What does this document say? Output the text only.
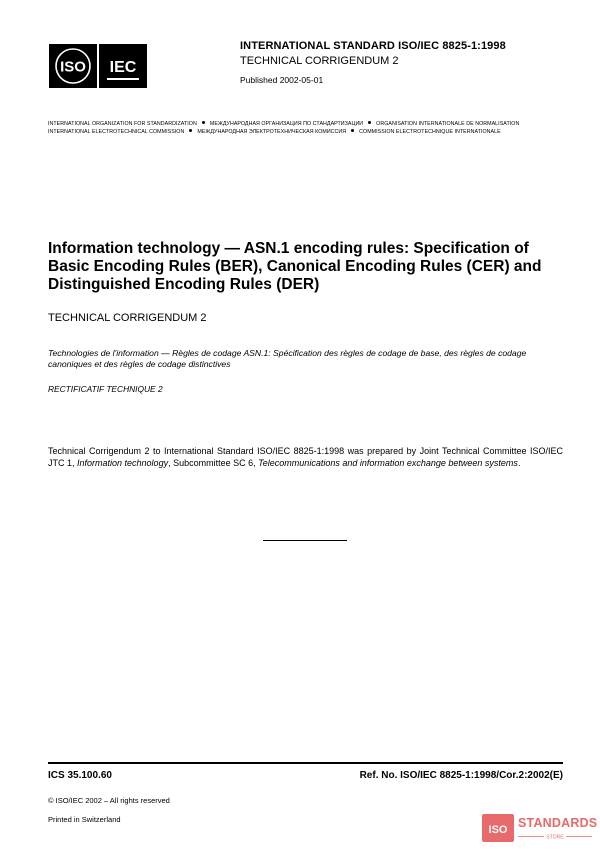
ISO IEC
INTERNATIONAL STANDARD ISO/IEC 8825-1:1998
TECHNICAL CORRIGENDUM 2
Published 2002-05-01
INTERNATIONAL ORGANIZATION FOR STANDARDIZATION МЕЖДУНАРОДНАЯ ОРГАНИЗАЦИЯ ПО СТАНДАРТИЗАЦИИ ORGANISATION INTERNATIONALE DE NORMALISATION
INTERNATIONAL ELECTROTECHNICAL COMMISSION МЕЖДУНАРОДНАЯ ЭЛЕКТРОТЕХНИЧЕСКАЯ КОМИССИЯ COMMISSION ELECTROTECHNIQUE INTERNATIONALE
Information technology — ASN.1 encoding rules: Specification of Basic Encoding Rules (BER), Canonical Encoding Rules (CER) and Distinguished Encoding Rules (DER)
TECHNICAL CORRIGENDUM 2
Technologies de l'information — Règles de codage ASN.1: Spécification des règles de codage de base, des règles de codage canoniques et des règles de codage distinctives
RECTIFICATIF TECHNIQUE 2
Technical Corrigendum 2 to International Standard ISO/IEC 8825-1:1998 was prepared by Joint Technical Committee ISO/IEC JTC 1, Information technology, Subcommittee SC 6, Telecommunications and information exchange between systems.
ICS 35.100.60	Ref. No. ISO/IEC 8825-1:1998/Cor.2:2002(E)
© ISO/IEC 2002 – All rights reserved
Printed in Switzerland
ISO STANDARDS
STORE
